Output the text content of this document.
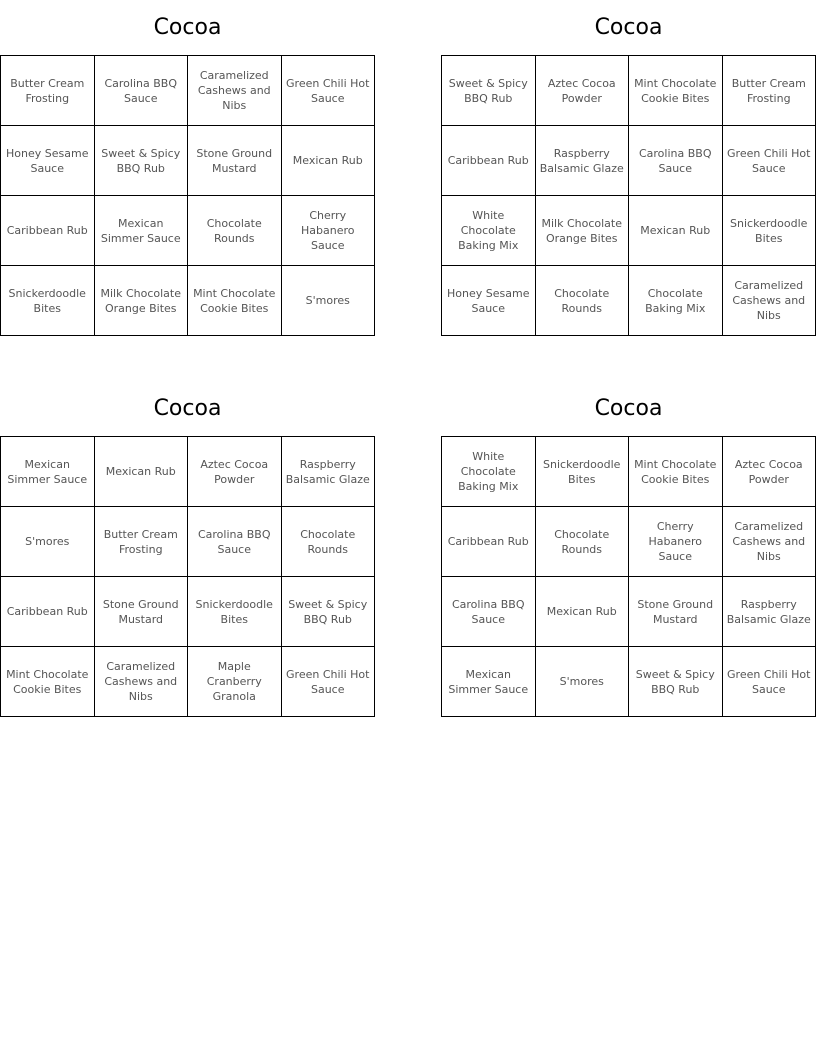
Cocoa
Butter Cream Frosting
Carolina BBQ Sauce
Caramelized Cashews and Nibs
Green Chili Hot Sauce
Honey Sesame Sauce
Sweet & Spicy BBQ Rub
Stone Ground Mustard
Mexican Rub
Caribbean Rub
Mexican Simmer Sauce
Chocolate Rounds
Cherry Habanero Sauce
Snickerdoodle Bites
Milk Chocolate Orange Bites
Mint Chocolate Cookie Bites
S'mores
Cocoa
Sweet & Spicy BBQ Rub
Aztec Cocoa Powder
Mint Chocolate Cookie Bites
Butter Cream Frosting
Caribbean Rub
Raspberry Balsamic Glaze
Carolina BBQ Sauce
Green Chili Hot Sauce
White Chocolate Baking Mix
Milk Chocolate Orange Bites
Mexican Rub
Snickerdoodle Bites
Honey Sesame Sauce
Chocolate Rounds
Chocolate Baking Mix
Caramelized Cashews and Nibs
Cocoa
Mexican Simmer Sauce
Mexican Rub
Aztec Cocoa Powder
Raspberry Balsamic Glaze
S'mores
Butter Cream Frosting
Carolina BBQ Sauce
Chocolate Rounds
Caribbean Rub
Stone Ground Mustard
Snickerdoodle Bites
Sweet & Spicy BBQ Rub
Mint Chocolate Cookie Bites
Caramelized Cashews and Nibs
Maple Cranberry Granola
Green Chili Hot Sauce
Cocoa
White Chocolate Baking Mix
Snickerdoodle Bites
Mint Chocolate Cookie Bites
Aztec Cocoa Powder
Caribbean Rub
Chocolate Rounds
Cherry Habanero Sauce
Caramelized Cashews and Nibs
Carolina BBQ Sauce
Mexican Rub
Stone Ground Mustard
Raspberry Balsamic Glaze
Mexican Simmer Sauce
S'mores
Sweet & Spicy BBQ Rub
Green Chili Hot Sauce
